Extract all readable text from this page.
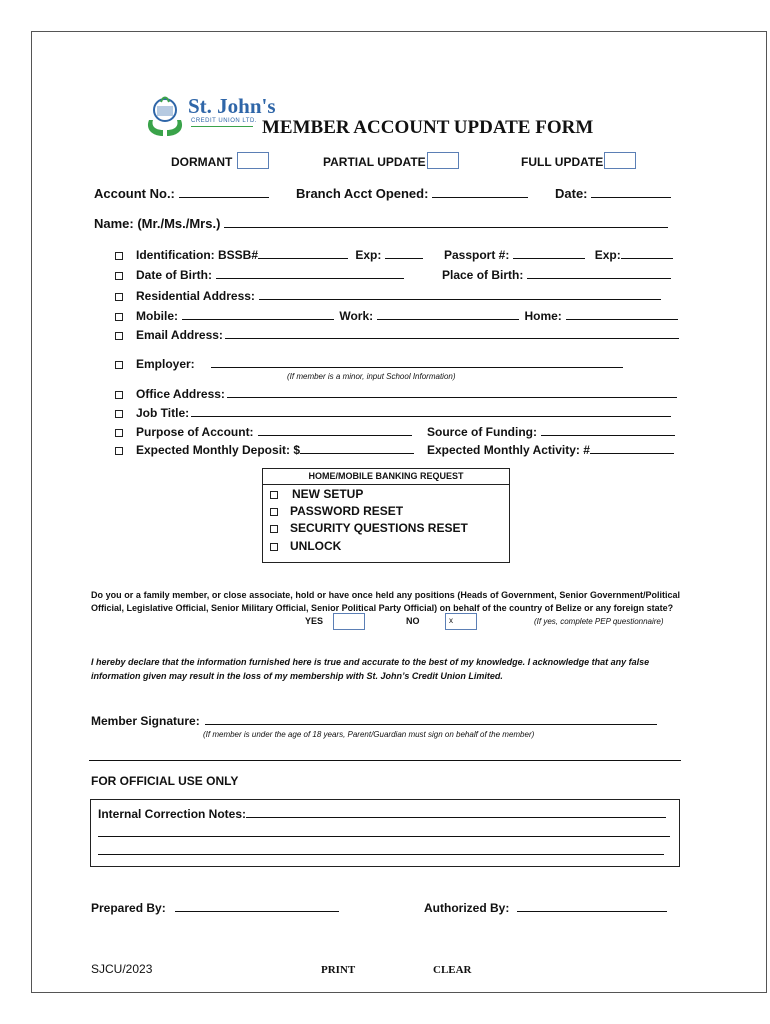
St. John's
CREDIT UNION LTD. MEMBER ACCOUNT UPDATE FORM
DORMANT	PARTIAL UPDATE	FULL UPDATE
Account No.:	Branch Acct Opened:	Date:
Name: (Mr./Ms./Mrs.)
Identification: BSSB#	Exp:	Passport #:	Exp:
Date of Birth:	Place of Birth:
Residential Address:
Mobile:	Work:	Home:
Email Address:
Employer:
(If member is a minor, input School Information)
Office Address:
Job Title:
Purpose of Account:	Source of Funding:
Expected Monthly Deposit: $	Expected Monthly Activity: #
HOME/MOBILE BANKING REQUEST
NEW SETUP
PASSWORD RESET
SECURITY QUESTIONS RESET
UNLOCK
Do you or a family member, or close associate, hold or have once held any positions (Heads of Government, Senior Government/Political Official, Legislative Official, Senior Military Official, Senior Political Party Official) on behalf of the country of Belize or any foreign state?
YES	NO	x	(If yes, complete PEP questionnaire)
I hereby declare that the information furnished here is true and accurate to the best of my knowledge. I acknowledge that any false information given may result in the loss of my membership with St. John’s Credit Union Limited.
Member Signature:
(If member is under the age of 18 years, Parent/Guardian must sign on behalf of the member)
FOR OFFICIAL USE ONLY
Internal Correction Notes:
Prepared By:	Authorized By:
SJCU/2023	PRINT	CLEAR
